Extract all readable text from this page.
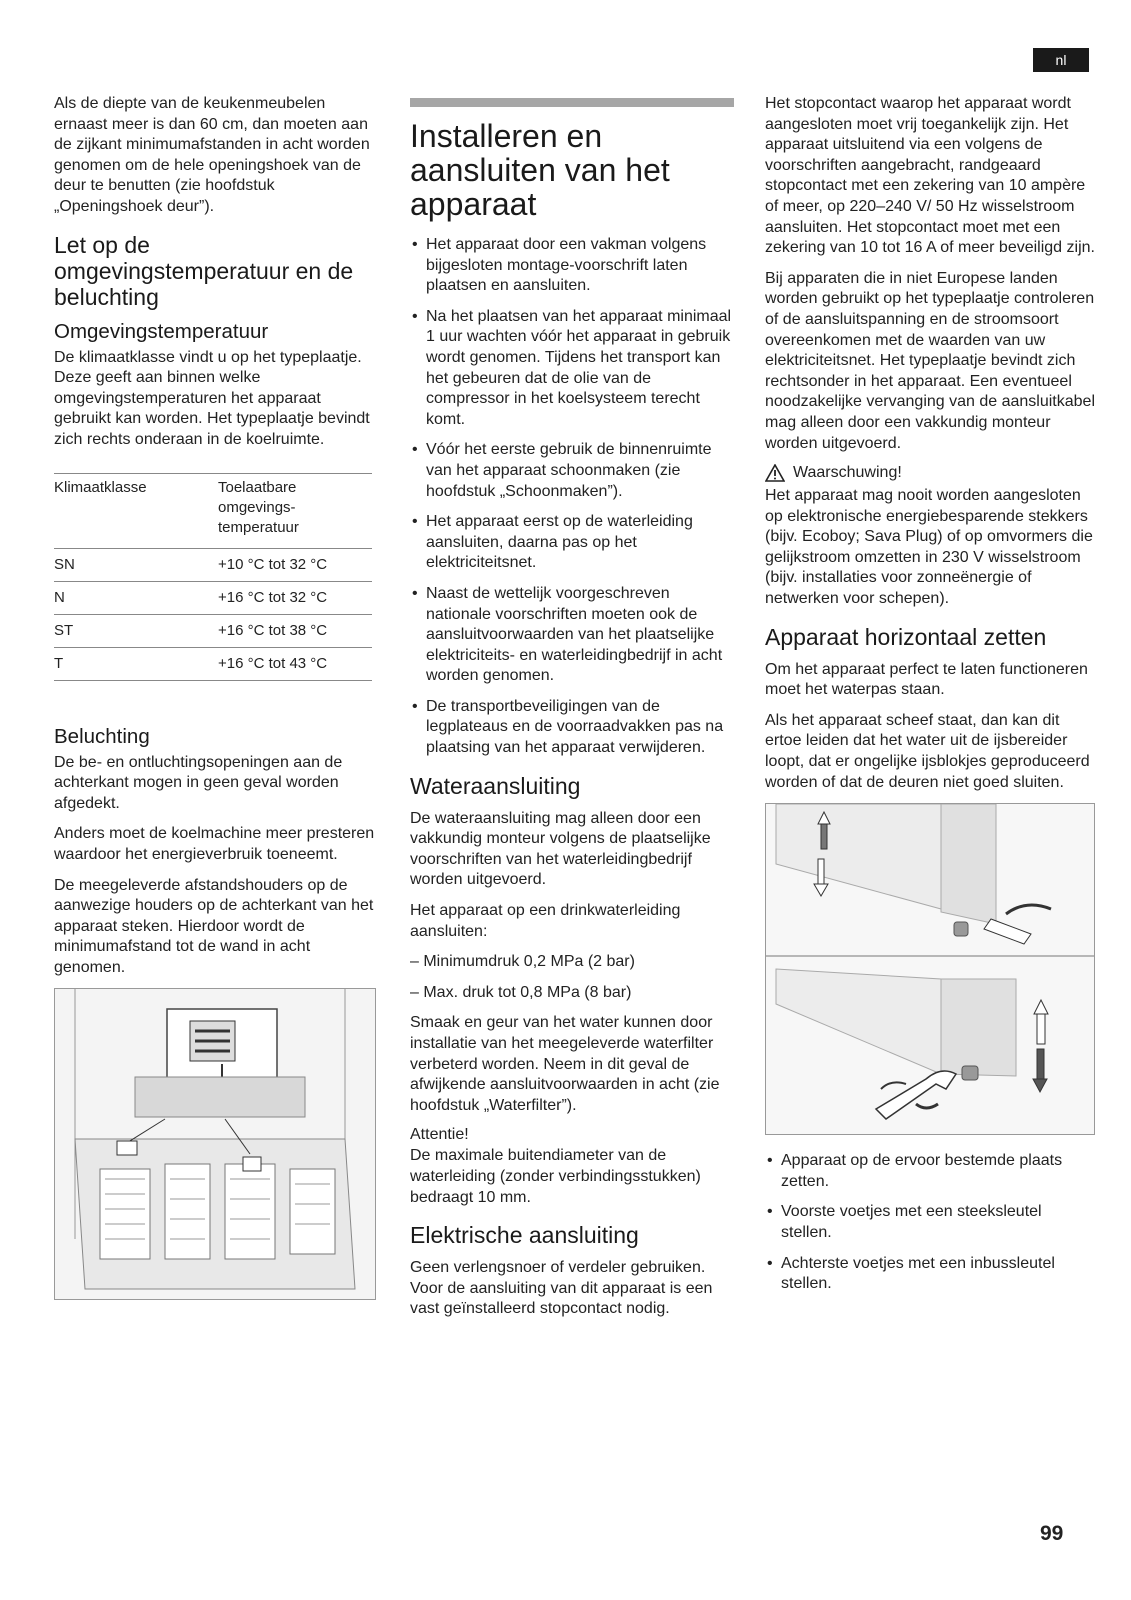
nl

Als de diepte van de keukenmeubelen ernaast meer is dan 60 cm, dan moeten aan de zijkant minimumafstanden in acht worden genomen om de hele openingshoek van de deur te benutten (zie hoofdstuk „Openingshoek deur”).

Let op de omgevingstemperatuur en de beluchting
Omgevingstemperatuur

De klimaatklasse vindt u op het typeplaatje. Deze geeft aan binnen welke omgevingstemperaturen het apparaat gebruikt kan worden. Het typeplaatje bevindt zich rechts onderaan in de koelruimte.

Klimaatklasse	Toelaatbare omgevings-temperatuur
SN	+10 °C tot 32 °C
N	+16 °C tot 32 °C
ST	+16 °C tot 38 °C
T	+16 °C tot 43 °C
Beluchting

De be- en ontluchtingsopeningen aan de achterkant mogen in geen geval worden afgedekt.

Anders moet de koelmachine meer presteren waardoor het energieverbruik toeneemt.

De meegeleverde afstandshouders op de aanwezige houders op de achterkant van het apparaat steken. Hierdoor wordt de minimumafstand tot de wand in acht genomen.

Installeren en aansluiten van het apparaat
• Het apparaat door een vakman volgens bijgesloten montage-voorschrift laten plaatsen en aansluiten.
• Na het plaatsen van het apparaat minimaal 1 uur wachten vóór het apparaat in gebruik wordt genomen. Tijdens het transport kan het gebeuren dat de olie van de compressor in het koelsysteem terecht komt.
• Vóór het eerste gebruik de binnenruimte van het apparaat schoonmaken (zie hoofdstuk „Schoonmaken”).
• Het apparaat eerst op de waterleiding aansluiten, daarna pas op het elektriciteitsnet.
• Naast de wettelijk voorgeschreven nationale voorschriften moeten ook de aansluitvoorwaarden van het plaatselijke elektriciteits- en waterleidingbedrijf in acht worden genomen.
• De transportbeveiligingen van de legplateaus en de voorraadvakken pas na plaatsing van het apparaat verwijderen.
Wateraansluiting

De wateraansluiting mag alleen door een vakkundig monteur volgens de plaatselijke voorschriften van het waterleidingbedrijf worden uitgevoerd.

Het apparaat op een drinkwaterleiding aansluiten:

– Minimumdruk 0,2 MPa (2 bar)
– Max. druk tot 0,8 MPa (8 bar)

Smaak en geur van het water kunnen door installatie van het meegeleverde waterfilter verbeterd worden. Neem in dit geval de afwijkende aansluitvoorwaarden in acht (zie hoofdstuk „Waterfilter”).

Attentie!

De maximale buitendiameter van de waterleiding (zonder verbindingsstukken) bedraagt 10 mm.

Elektrische aansluiting

Geen verlengsnoer of verdeler gebruiken. Voor de aansluiting van dit apparaat is een vast geïnstalleerd stopcontact nodig.

Het stopcontact waarop het apparaat wordt aangesloten moet vrij toegankelijk zijn. Het apparaat uitsluitend via een volgens de voorschriften aangebracht, randgeaard stopcontact met een zekering van 10 ampère of meer, op 220–240 V/ 50 Hz wisselstroom aansluiten. Het stopcontact moet met een zekering van 10 tot 16 A of meer beveiligd zijn.

Bij apparaten die in niet Europese landen worden gebruikt op het typeplaatje controleren of de aansluitspanning en de stroomsoort overeenkomen met de waarden van uw elektriciteitsnet. Het typeplaatje bevindt zich rechtsonder in het apparaat. Een eventueel noodzakelijke vervanging van de aansluitkabel mag alleen door een vakkundig monteur worden uitgevoerd.

Waarschuwing!

Het apparaat mag nooit worden aangesloten op elektronische energiebesparende stekkers (bijv. Ecoboy; Sava Plug) of op omvormers die gelijkstroom omzetten in 230 V wisselstroom (bijv. installaties voor zonneënergie of netwerken voor schepen).

Apparaat horizontaal zetten

Om het apparaat perfect te laten functioneren moet het waterpas staan.

Als het apparaat scheef staat, dan kan dit ertoe leiden dat het water uit de ijsbereider loopt, dat er ongelijke ijsblokjes geproduceerd worden of dat de deuren niet goed sluiten.

• Apparaat op de ervoor bestemde plaats zetten.
• Voorste voetjes met een steeksleutel stellen.
• Achterste voetjes met een inbussleutel stellen.
99
